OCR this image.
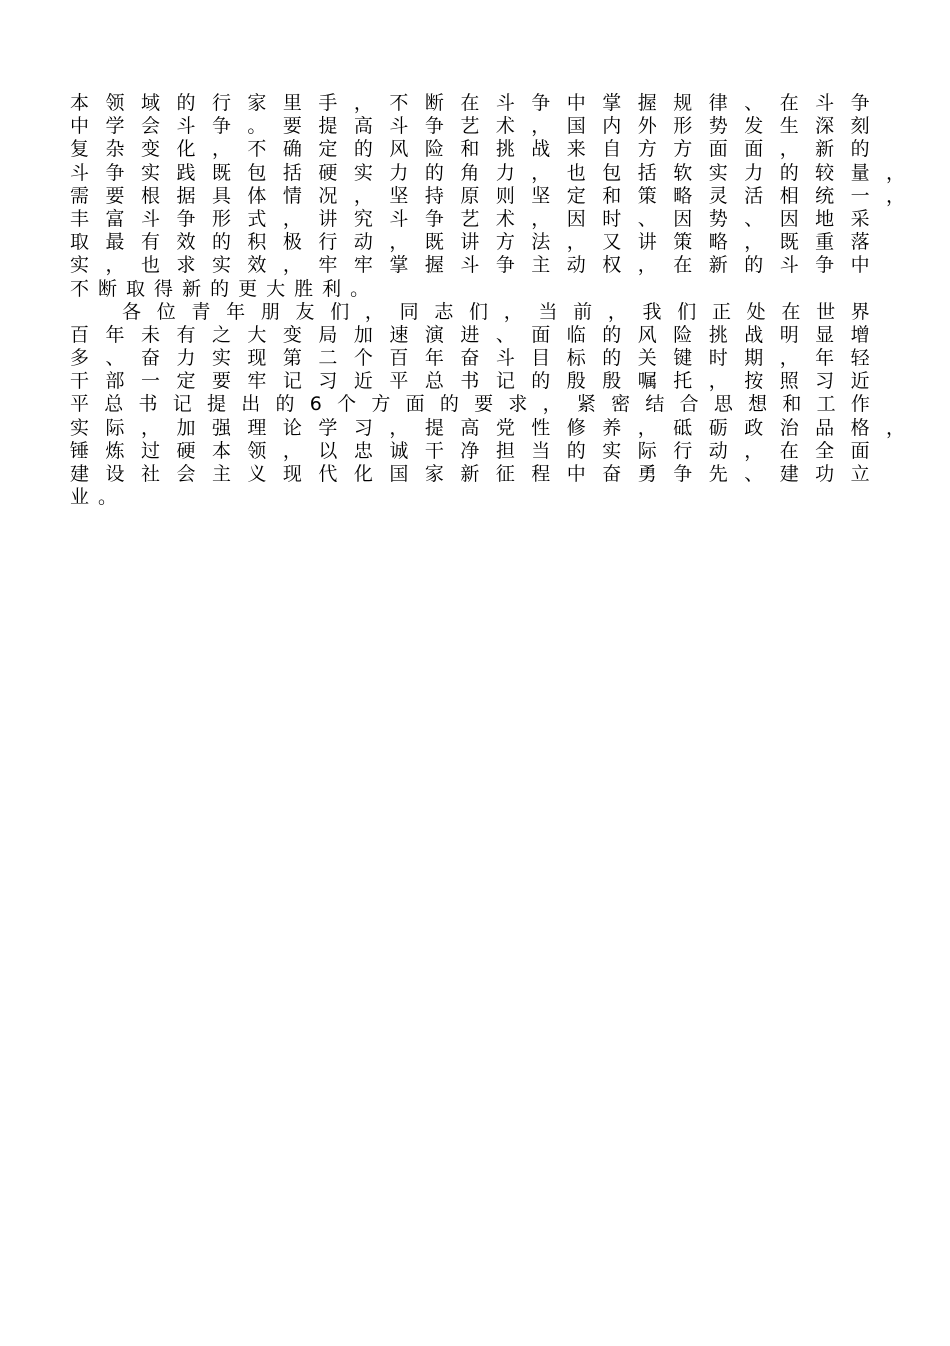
本 领 域 的 行 家 里 手 ， 不 断 在 斗 争 中 掌 握 规 律 、 在 斗 争
中 学 会 斗 争 。 要 提 高 斗 争 艺 术 ， 国 内 外 形 势 发 生 深 刻
复 杂 变 化 ， 不 确 定 的 风 险 和 挑 战 来 自 方 方 面 面 ， 新 的
斗 争 实 践 既 包 括 硬 实 力 的 角 力 ， 也 包 括 软 实 力 的 较 量 ，
需 要 根 据 具 体 情 况 ， 坚 持 原 则 坚 定 和 策 略 灵 活 相 统 一 ，
丰 富 斗 争 形 式 ， 讲 究 斗 争 艺 术 ， 因 时 、 因 势 、 因 地 采
取 最 有 效 的 积 极 行 动 ， 既 讲 方 法 ， 又 讲 策 略 ， 既 重 落
实 ， 也 求 实 效 ， 牢 牢 掌 握 斗 争 主 动 权 ， 在 新 的 斗 争 中
不 断 取 得 新 的 更 大 胜 利 。
各 位 青 年 朋 友 们 ， 同 志 们 ， 当 前 ， 我 们 正 处 在 世 界
百 年 未 有 之 大 变 局 加 速 演 进 、 面 临 的 风 险 挑 战 明 显 增
多 、 奋 力 实 现 第 二 个 百 年 奋 斗 目 标 的 关 键 时 期 ， 年 轻
干 部 一 定 要 牢 记 习 近 平 总 书 记 的 殷 殷 嘱 托 ， 按 照 习 近
平 总 书 记 提 出 的 6 个 方 面 的 要 求 ， 紧 密 结 合 思 想 和 工 作
实 际 ， 加 强 理 论 学 习 ， 提 高 党 性 修 养 ， 砥 砺 政 治 品 格 ，
锤 炼 过 硬 本 领 ， 以 忠 诚 干 净 担 当 的 实 际 行 动 ， 在 全 面
建 设 社 会 主 义 现 代 化 国 家 新 征 程 中 奋 勇 争 先 、 建 功 立
业 。
